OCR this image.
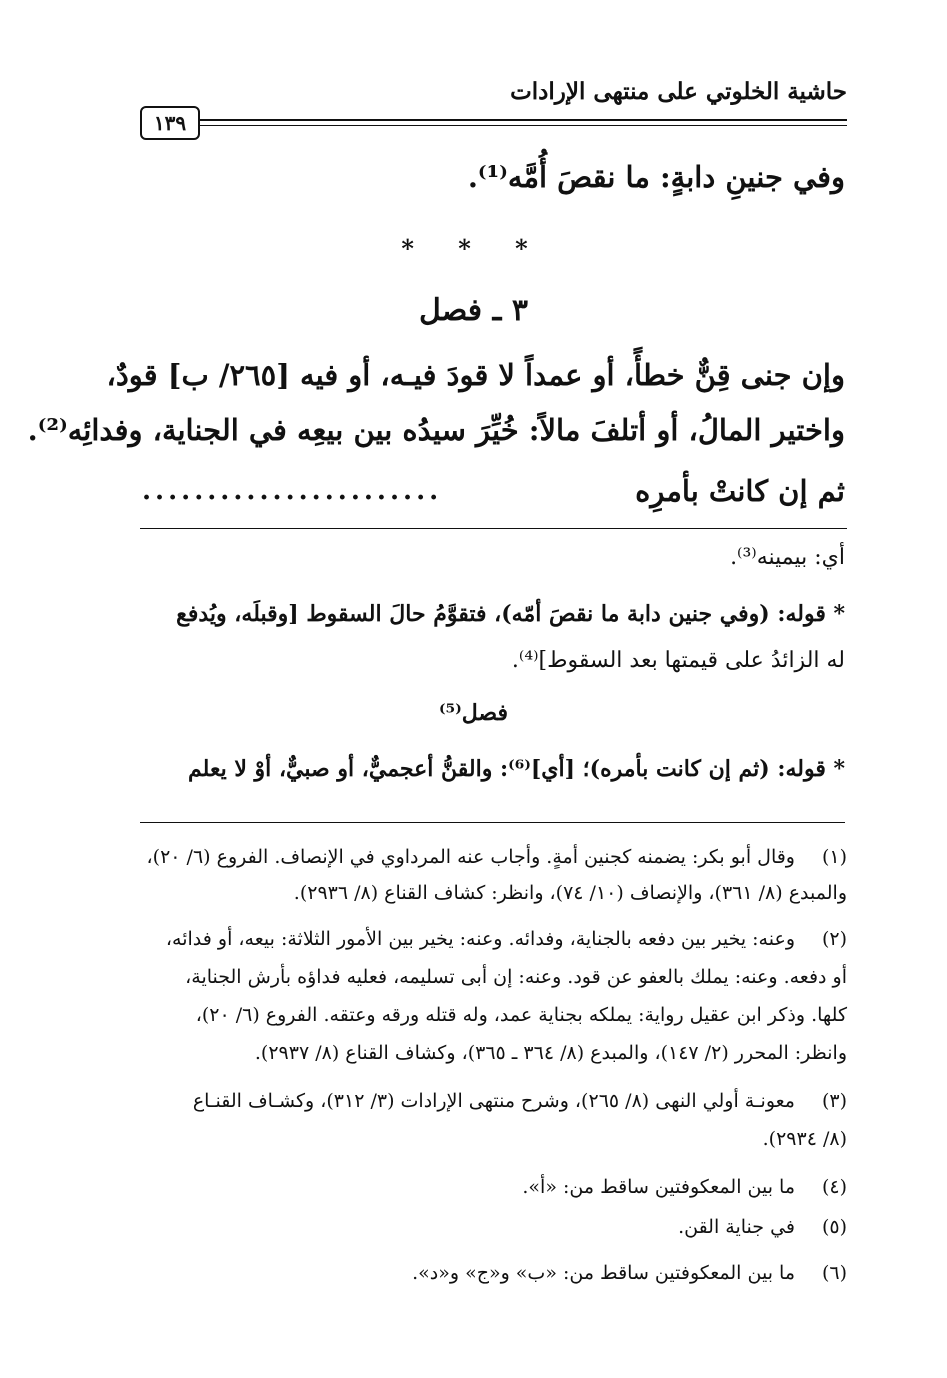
حاشية الخلوتي على منتهى الإرادات
١٣٩
وفي جنينِ دابةٍ: ما نقصَ أُمَّه⁽¹⁾.
* * *
٣ ـ فصل
وإن جنى قِنٌّ خطأً، أو عمداً لا قودَ فيـه، أو فيه [٢٦٥/ ب] قودٌ،
واختير المالُ، أو أتلفَ مالاً: خُيِّرَ سيدُه بين بيعِه في الجناية، وفدائِه⁽²⁾.
ثم إن كانتْ بأمرِه
.......................
أي: بيمينه⁽³⁾.
* قوله: (وفي جنين دابة ما نقصَ أمّه)، فتقوَّمُ حالَ السقوط [وقبلَه، ويُدفع
له الزائدُ على قيمتها بعد السقوط]⁽⁴⁾.
* قوله: (ثم إن كانت بأمره)؛ [أي]⁽⁶⁾: والقنُّ أعجميٌّ، أو صبيٌّ، أوْ لا يعلم
فصل⁽⁵⁾
(١)
وقال أبو بكر: يضمنه كجنين أمةٍ. وأجاب عنه المرداوي في الإنصاف. الفروع (٦/ ٢٠)،
والمبدع (٨/ ٣٦١)، والإنصاف (١٠/ ٧٤)، وانظر: كشاف القناع (٨/ ٢٩٣٦).
(٢)
وعنه: يخير بين دفعه بالجناية، وفدائه. وعنه: يخير بين الأمور الثلاثة: بيعه، أو فدائه،
أو دفعه. وعنه: يملك بالعفو عن قود. وعنه: إن أبى تسليمه، فعليه فداؤه بأرش الجناية،
كلها. وذكر ابن عقيل رواية: يملكه بجناية عمد، وله قتله ورقه وعتقه. الفروع (٦/ ٢٠)،
وانظر: المحرر (٢/ ١٤٧)، والمبدع (٨/ ٣٦٤ ـ ٣٦٥)، وكشاف القناع (٨/ ٢٩٣٧).
(٣)
معونـة أولي النهى (٨/ ٢٦٥)، وشرح منتهى الإرادات (٣/ ٣١٢)، وكشـاف القنـاع
(٨/ ٢٩٣٤).
(٤)
ما بين المعكوفتين ساقط من: «أ».
(٥)
في جناية القن.
(٦)
ما بين المعكوفتين ساقط من: «ب» و«ج» و«د».
